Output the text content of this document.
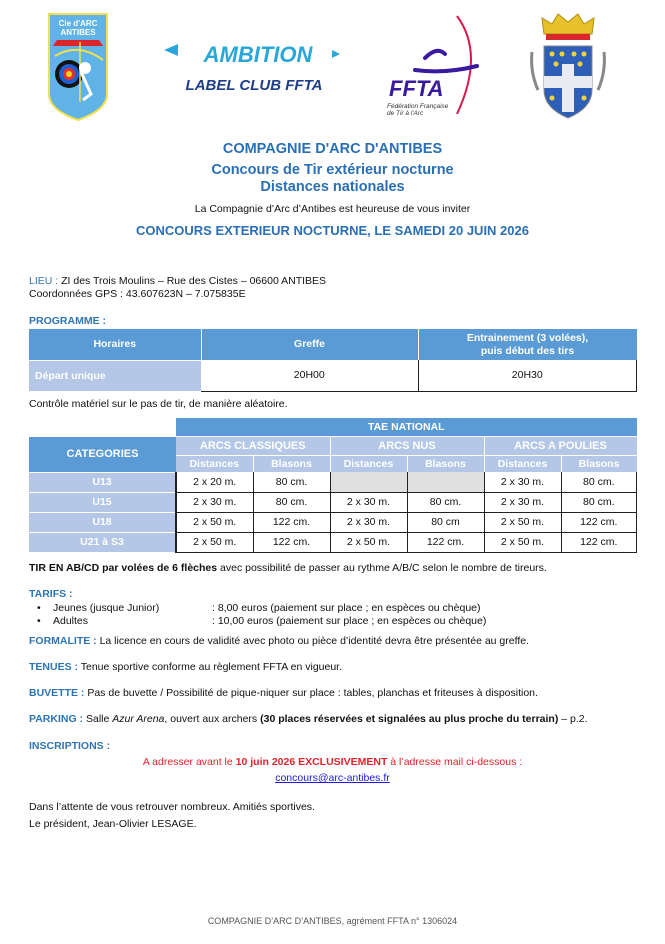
Cie d'ARC
ANTIBES
AMBITION
LABEL CLUB FFTA	FFTA
Fédération Française
de Tir à l'Arc
COMPAGNIE D'ARC D'ANTIBES
Concours de Tir extérieur nocturne
Distances nationales
La Compagnie d’Arc d’Antibes est heureuse de vous inviter
CONCOURS EXTERIEUR NOCTURNE, LE SAMEDI 20 JUIN 2026
LIEU : ZI des Trois Moulins – Rue des Cistes – 06600 ANTIBES
Coordonnées GPS : 43.607623N – 7.075835E
PROGRAMME :
Horaires	Greffe	Entrainement (3 volées),
puis début des tirs
Départ unique	20H00	20H30
Contrôle matériel sur le pas de tir, de manière aléatoire.
	TAE NATIONAL					
CATEGORIES	ARCS CLASSIQUES		ARCS NUS		ARCS A POULIES	
	Distances	Blasons	Distances	Blasons	Distances	Blasons
U13	2 x 20 m.	80 cm.			2 x 30 m.	80 cm.
U15	2 x 30 m.	80 cm.	2 x 30 m.	80 cm.	2 x 30 m.	80 cm.
U18	2 x 50 m.	122 cm.	2 x 30 m.	80 cm	2 x 50 m.	122 cm.
U21 à S3	2 x 50 m.	122 cm.	2 x 50 m.	122 cm.	2 x 50 m.	122 cm.
TIR EN AB/CD par volées de 6 flèches avec possibilité de passer au rythme A/B/C selon le nombre de tireurs.
TARIFS :
•	Jeunes (jusque Junior)	: 8,00 euros (paiement sur place ; en espèces ou chèque)
•	Adultes	: 10,00 euros (paiement sur place ; en espèces ou chèque)
FORMALITE : La licence en cours de validité avec photo ou pièce d’identité devra être présentée au greffe.
TENUES : Tenue sportive conforme au règlement FFTA en vigueur.
BUVETTE : Pas de buvette / Possibilité de pique-niquer sur place : tables, planchas et friteuses à disposition.
PARKING : Salle Azur Arena, ouvert aux archers (30 places réservées et signalées au plus proche du terrain) – p.2.
INSCRIPTIONS :
A adresser avant le 10 juin 2026 EXCLUSIVEMENT à l’adresse mail ci-dessous :
concours@arc-antibes.fr
Dans l’attente de vous retrouver nombreux. Amitiés sportives.
Le président, Jean-Olivier LESAGE.
COMPAGNIE D’ARC D’ANTIBES, agrément FFTA n° 1306024
